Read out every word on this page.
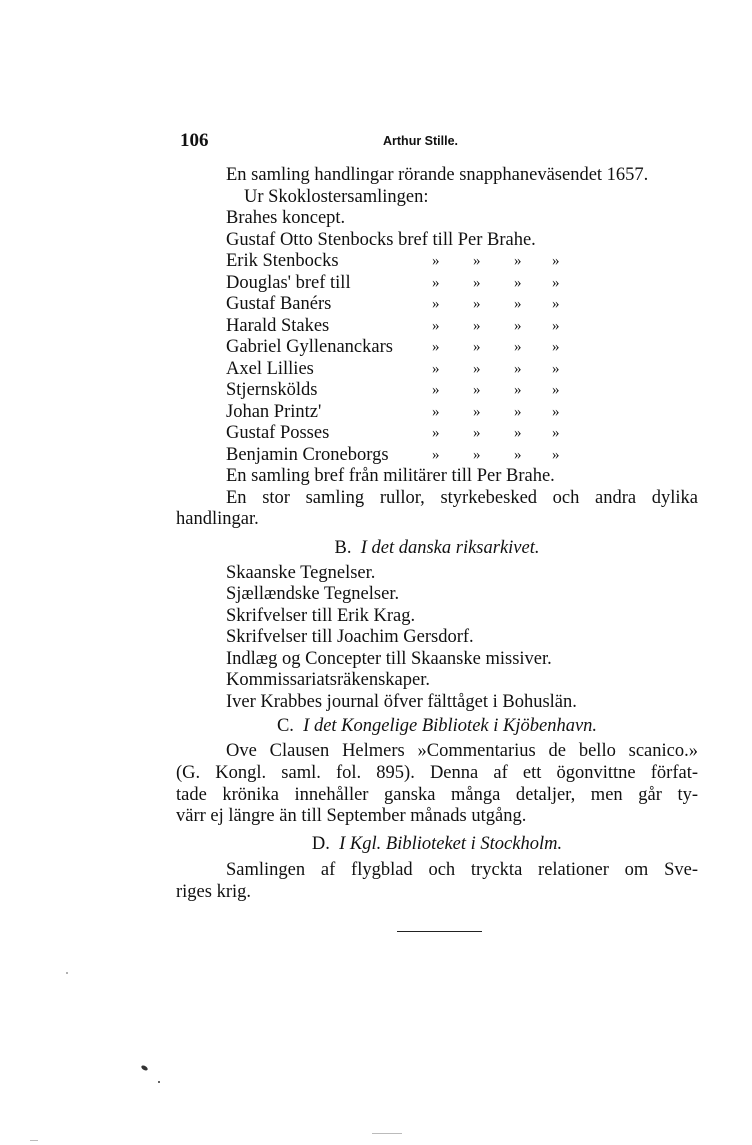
106	Arthur Stille.
En samling handlingar rörande snapphaneväsendet 1657.
Ur Skoklostersamlingen:
Brahes koncept.
Gustaf Otto Stenbocks bref till Per Brahe.
Erik Stenbocks	» » » »
Douglas' bref till	» » » »
Gustaf Banérs	» » » »
Harald Stakes	» » » »
Gabriel Gyllenanckars	» » » »
Axel Lillies	» » » »
Stjernskölds	» » » »
Johan Printz'	» » » »
Gustaf Posses	» » » »
Benjamin Croneborgs	» » » »
En samling bref från militärer till Per Brahe.
En stor samling rullor, styrkebesked och andra dylika
handlingar.
B. I det danska riksarkivet.
Skaanske Tegnelser.
Sjællændske Tegnelser.
Skrifvelser till Erik Krag.
Skrifvelser till Joachim Gersdorf.
Indlæg og Concepter till Skaanske missiver.
Kommissariatsräkenskaper.
Iver Krabbes journal öfver fälttåget i Bohuslän.
C. I det Kongelige Bibliotek i Kjöbenhavn.
Ove Clausen Helmers »Commentarius de bello scanico.»
(G. Kongl. saml. fol. 895). Denna af ett ögonvittne förfat-
tade krönika innehåller ganska många detaljer, men går ty-
värr ej längre än till September månads utgång.
D. I Kgl. Biblioteket i Stockholm.
Samlingen af flygblad och tryckta relationer om Sve-
riges krig.
